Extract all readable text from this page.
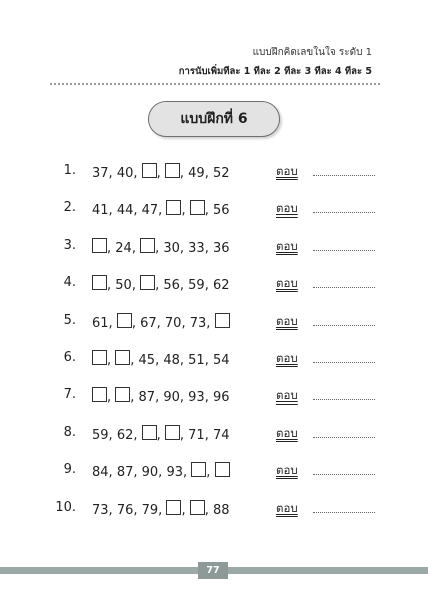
แบบฝึกคิดเลขในใจ ระดับ 1
การนับเพิ่มทีละ 1 ทีละ 2 ทีละ 3 ทีละ 4 ทีละ 5
แบบฝึกที่ 6
1. 37, 40, , , 49, 52	ตอบ
2. 41, 44, 47, , , 56	ตอบ
3.	, 24, , 30, 33, 36	ตอบ
4.	, 50, , 56, 59, 62	ตอบ
5. 61, , 67, 70, 73,	ตอบ
6.	, , 45, 48, 51, 54	ตอบ
7.	, , 87, 90, 93, 96	ตอบ
8. 59, 62, , , 71, 74	ตอบ
9. 84, 87, 90, 93, ,	ตอบ
10. 73, 76, 79, , , 88	ตอบ
77
